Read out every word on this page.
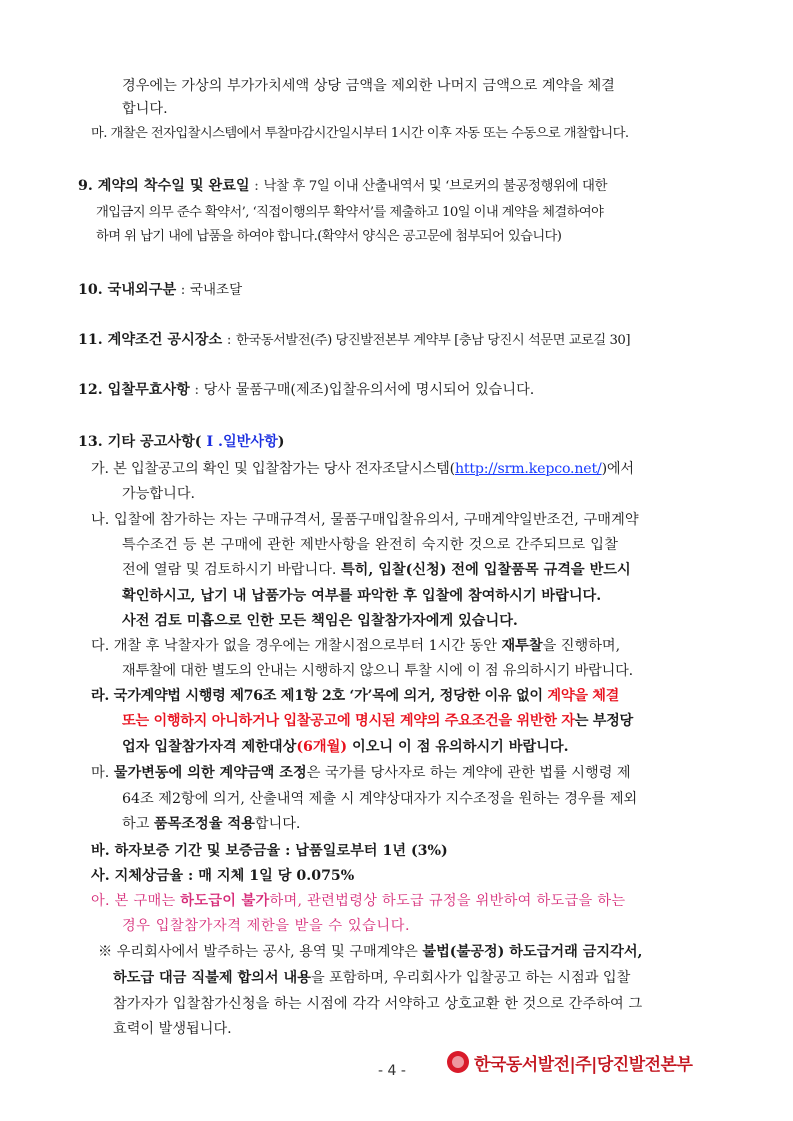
경우에는 가상의 부가가치세액 상당 금액을 제외한 나머지 금액으로 계약을 체결
합니다.
마. 개찰은 전자입찰시스템에서 투찰마감시간일시부터 1시간 이후 자동 또는 수동으로 개찰합니다.
9. 계약의 착수일 및 완료일 : 낙찰 후 7일 이내 산출내역서 및 ‘브로커의 불공정행위에 대한
개입금지 의무 준수 확약서’, ‘직접이행의무 확약서’를 제출하고 10일 이내 계약을 체결하여야
하며 위 납기 내에 납품을 하여야 합니다.(확약서 양식은 공고문에 첨부되어 있습니다)
10. 국내외구분 : 국내조달
11. 계약조건 공시장소 : 한국동서발전(주) 당진발전본부 계약부 [충남 당진시 석문면 교로길 30]
12. 입찰무효사항 : 당사 물품구매(제조)입찰유의서에 명시되어 있습니다.
13. 기타 공고사항( I .일반사항)
가. 본 입찰공고의 확인 및 입찰참가는 당사 전자조달시스템(http://srm.kepco.net/)에서
가능합니다.
나. 입찰에 참가하는 자는 구매규격서, 물품구매입찰유의서, 구매계약일반조건, 구매계약
특수조건 등 본 구매에 관한 제반사항을 완전히 숙지한 것으로 간주되므로 입찰
전에 열람 및 검토하시기 바랍니다. 특히, 입찰(신청) 전에 입찰품목 규격을 반드시
확인하시고, 납기 내 납품가능 여부를 파악한 후 입찰에 참여하시기 바랍니다.
사전 검토 미흡으로 인한 모든 책임은 입찰참가자에게 있습니다.
다. 개찰 후 낙찰자가 없을 경우에는 개찰시점으로부터 1시간 동안 재투찰을 진행하며,
재투찰에 대한 별도의 안내는 시행하지 않으니 투찰 시에 이 점 유의하시기 바랍니다.
라. 국가계약법 시행령 제76조 제1항 2호 ‘가’목에 의거, 정당한 이유 없이 계약을 체결
또는 이행하지 아니하거나 입찰공고에 명시된 계약의 주요조건을 위반한 자는 부정당
업자 입찰참가자격 제한대상(6개월) 이오니 이 점 유의하시기 바랍니다.
마. 물가변동에 의한 계약금액 조정은 국가를 당사자로 하는 계약에 관한 법률 시행령 제
64조 제2항에 의거, 산출내역 제출 시 계약상대자가 지수조정을 원하는 경우를 제외
하고 품목조정율 적용합니다.
바. 하자보증 기간 및 보증금율 : 납품일로부터 1년 (3%)
사. 지체상금율 : 매 지체 1일 당 0.075%
아. 본 구매는 하도급이 불가하며, 관련법령상 하도급 규정을 위반하여 하도급을 하는
경우 입찰참가자격 제한을 받을 수 있습니다.
※ 우리회사에서 발주하는 공사, 용역 및 구매계약은 불법(불공정) 하도급거래 금지각서,
하도급 대금 직불제 합의서 내용을 포함하며, 우리회사가 입찰공고 하는 시점과 입찰
참가자가 입찰참가신청을 하는 시점에 각각 서약하고 상호교환 한 것으로 간주하여 그
효력이 발생됩니다.
- 4 -	한국동서발전|주|당진발전본부
